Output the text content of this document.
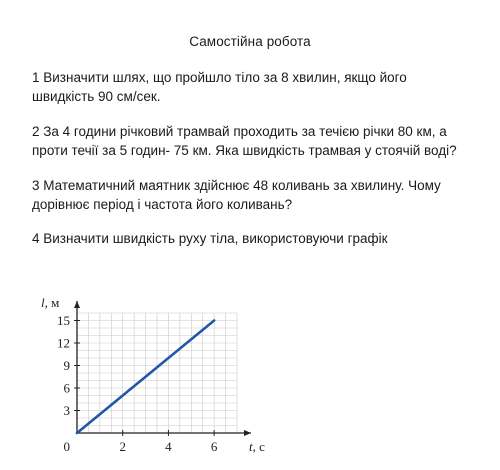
Самостійна робота
1 Визначити шлях, що пройшло тіло за 8 хвилин, якщо його швидкість 90 см/сек.
2 За 4 години річковий трамвай проходить за течією річки 80 км, а проти течії за 5 годин- 75 км. Яка швидкість трамвая у стоячій воді?
3 Математичний маятник здійснює 48 коливань за хвилину. Чому дорівнює період і частота його коливань?
4 Визначити швидкість руху тіла, використовуючи графік
2	4	6
3
6
9
12
15
0
l, м
t, с
